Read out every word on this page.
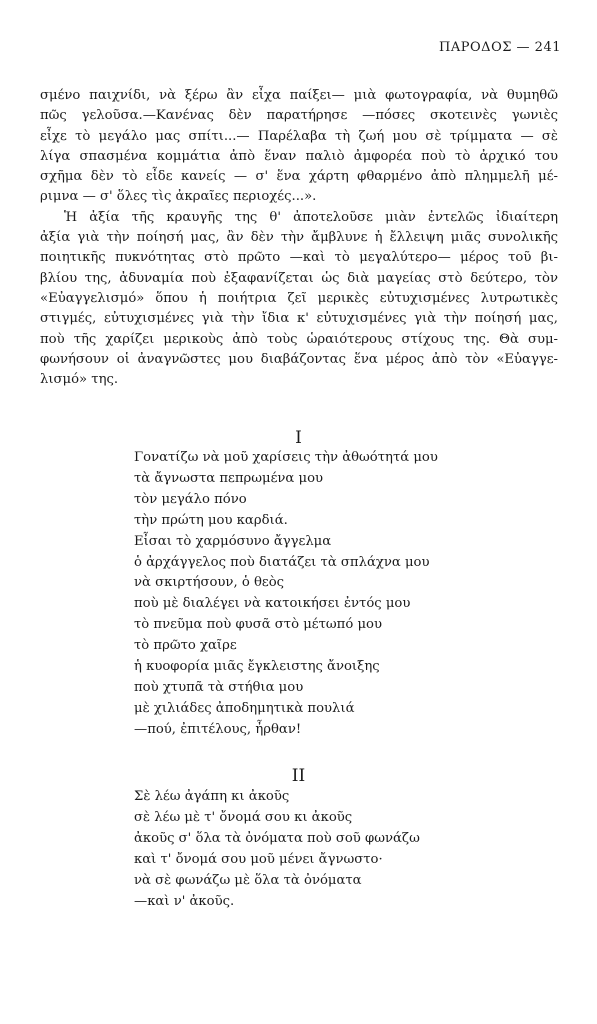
ΠΑΡΟΔΟΣ — 241
σμένο παιχνίδι, νὰ ξέρω ἂν εἶχα παίξει— μιὰ φωτογραφία, νὰ θυμηθῶ
πῶς γελοῦσα.—Κανένας δὲν παρατήρησε —πόσες σκοτεινὲς γωνιὲς
εἶχε τὸ μεγάλο μας σπίτι...— Παρέλαβα τὴ ζωή μου σὲ τρίμματα — σὲ
λίγα σπασμένα κομμάτια ἀπὸ ἕναν παλιὸ ἀμφορέα ποὺ τὸ ἀρχικό του
σχῆμα δὲν τὸ εἶδε κανείς — σ' ἕνα χάρτη φθαρμένο ἀπὸ πλημμελῆ μέ-
ριμνα — σ' ὅλες τὶς ἀκραῖες περιοχές...».
Ἡ ἀξία τῆς κραυγῆς της θ' ἀποτελοῦσε μιὰν ἐντελῶς ἰδιαίτερη
ἀξία γιὰ τὴν ποίησή μας, ἂν δὲν τὴν ἄμβλυνε ἡ ἔλλειψη μιᾶς συνολικῆς
ποιητικῆς πυκνότητας στὸ πρῶτο —καὶ τὸ μεγαλύτερο— μέρος τοῦ βι-
βλίου της, ἀδυναμία ποὺ ἐξαφανίζεται ὡς διὰ μαγείας στὸ δεύτερο, τὸν
«Εὐαγγελισμό» ὅπου ἡ ποιήτρια ζεῖ μερικὲς εὐτυχισμένες λυτρωτικὲς
στιγμές, εὐτυχισμένες γιὰ τὴν ἴδια κ' εὐτυχισμένες γιὰ τὴν ποίησή μας,
ποὺ τῆς χαρίζει μερικοὺς ἀπὸ τοὺς ὡραιότερους στίχους της. Θὰ συμ-
φωνήσουν οἱ ἀναγνῶστες μου διαβάζοντας ἕνα μέρος ἀπὸ τὸν «Εὐαγγε-
λισμό» της.
I
Γονατίζω νὰ μοῦ χαρίσεις τὴν ἀθωότητά μου
τὰ ἄγνωστα πεπρωμένα μου
τὸν μεγάλο πόνο
τὴν πρώτη μου καρδιά.
Εἶσαι τὸ χαρμόσυνο ἄγγελμα
ὁ ἀρχάγγελος ποὺ διατάζει τὰ σπλάχνα μου
νὰ σκιρτήσουν, ὁ θεὸς
ποὺ μὲ διαλέγει νὰ κατοικήσει ἐντός μου
τὸ πνεῦμα ποὺ φυσᾶ στὸ μέτωπό μου
τὸ πρῶτο χαῖρε
ἡ κυοφορία μιᾶς ἔγκλειστης ἄνοιξης
ποὺ χτυπᾶ τὰ στήθια μου
μὲ χιλιάδες ἀποδημητικὰ πουλιά
—πού, ἐπιτέλους, ἦρθαν!
II
Σὲ λέω ἀγάπη κι ἀκοῦς
σὲ λέω μὲ τ' ὄνομά σου κι ἀκοῦς
ἀκοῦς σ' ὅλα τὰ ὀνόματα ποὺ σοῦ φωνάζω
καὶ τ' ὄνομά σου μοῦ μένει ἄγνωστο·
νὰ σὲ φωνάζω μὲ ὅλα τὰ ὀνόματα
—καὶ ν' ἀκοῦς.
